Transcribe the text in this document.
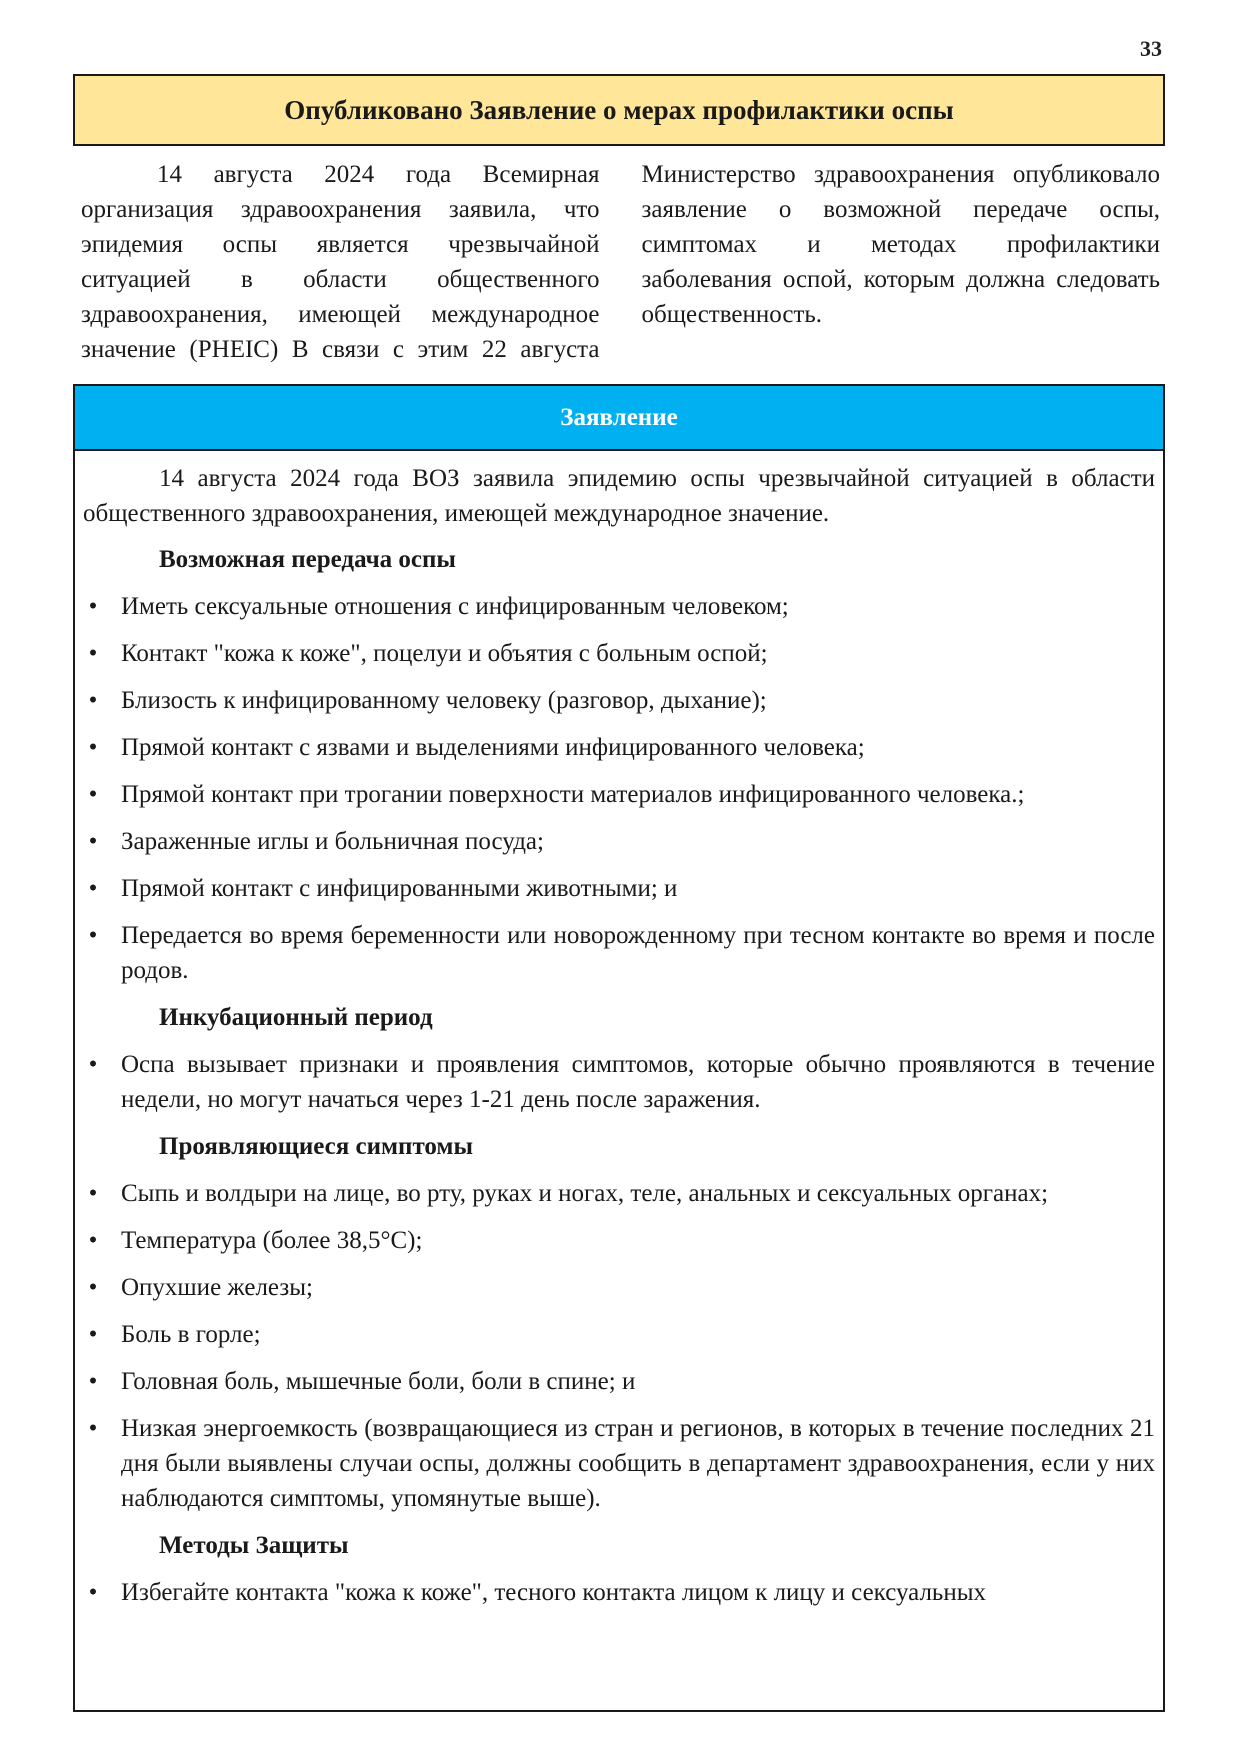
33
Опубликовано Заявление о мерах профилактики оспы

14 августа 2024 года Всемирная организация здравоохранения заявила, что эпидемия оспы является чрезвычайной ситуацией в области общественного здравоохранения, имеющей международное значение (PHEIC) В связи с этим 22 августа Министерство здравоохранения опубликовало заявление о возможной передаче оспы, симптомах и методах профилактики заболевания оспой, которым должна следовать общественность.

Заявление

14 августа 2024 года ВОЗ заявила эпидемию оспы чрезвычайной ситуацией в области общественного здравоохранения, имеющей международное значение.

Возможная передача оспы
• Иметь сексуальные отношения с инфицированным человеком;
• Контакт "кожа к коже", поцелуи и объятия с больным оспой;
• Близость к инфицированному человеку (разговор, дыхание);
• Прямой контакт с язвами и выделениями инфицированного человека;
• Прямой контакт при трогании поверхности материалов инфицированного человека.;
• Зараженные иглы и больничная посуда;
• Прямой контакт с инфицированными животными; и
• Передается во время беременности или новорожденному при тесном контакте во время и после родов.
Инкубационный период
• Оспа вызывает признаки и проявления симптомов, которые обычно проявляются в течение недели, но могут начаться через 1-21 день после заражения.
Проявляющиеся симптомы
• Сыпь и волдыри на лице, во рту, руках и ногах, теле, анальных и сексуальных органах;
• Температура (более 38,5°C);
• Опухшие железы;
• Боль в горле;
• Головная боль, мышечные боли, боли в спине; и
• Низкая энергоемкость (возвращающиеся из стран и регионов, в которых в течение последних 21 дня были выявлены случаи оспы, должны сообщить в департамент здравоохранения, если у них наблюдаются симптомы, упомянутые выше).
Методы Защиты
• Избегайте контакта "кожа к коже", тесного контакта лицом к лицу и сексуальных
